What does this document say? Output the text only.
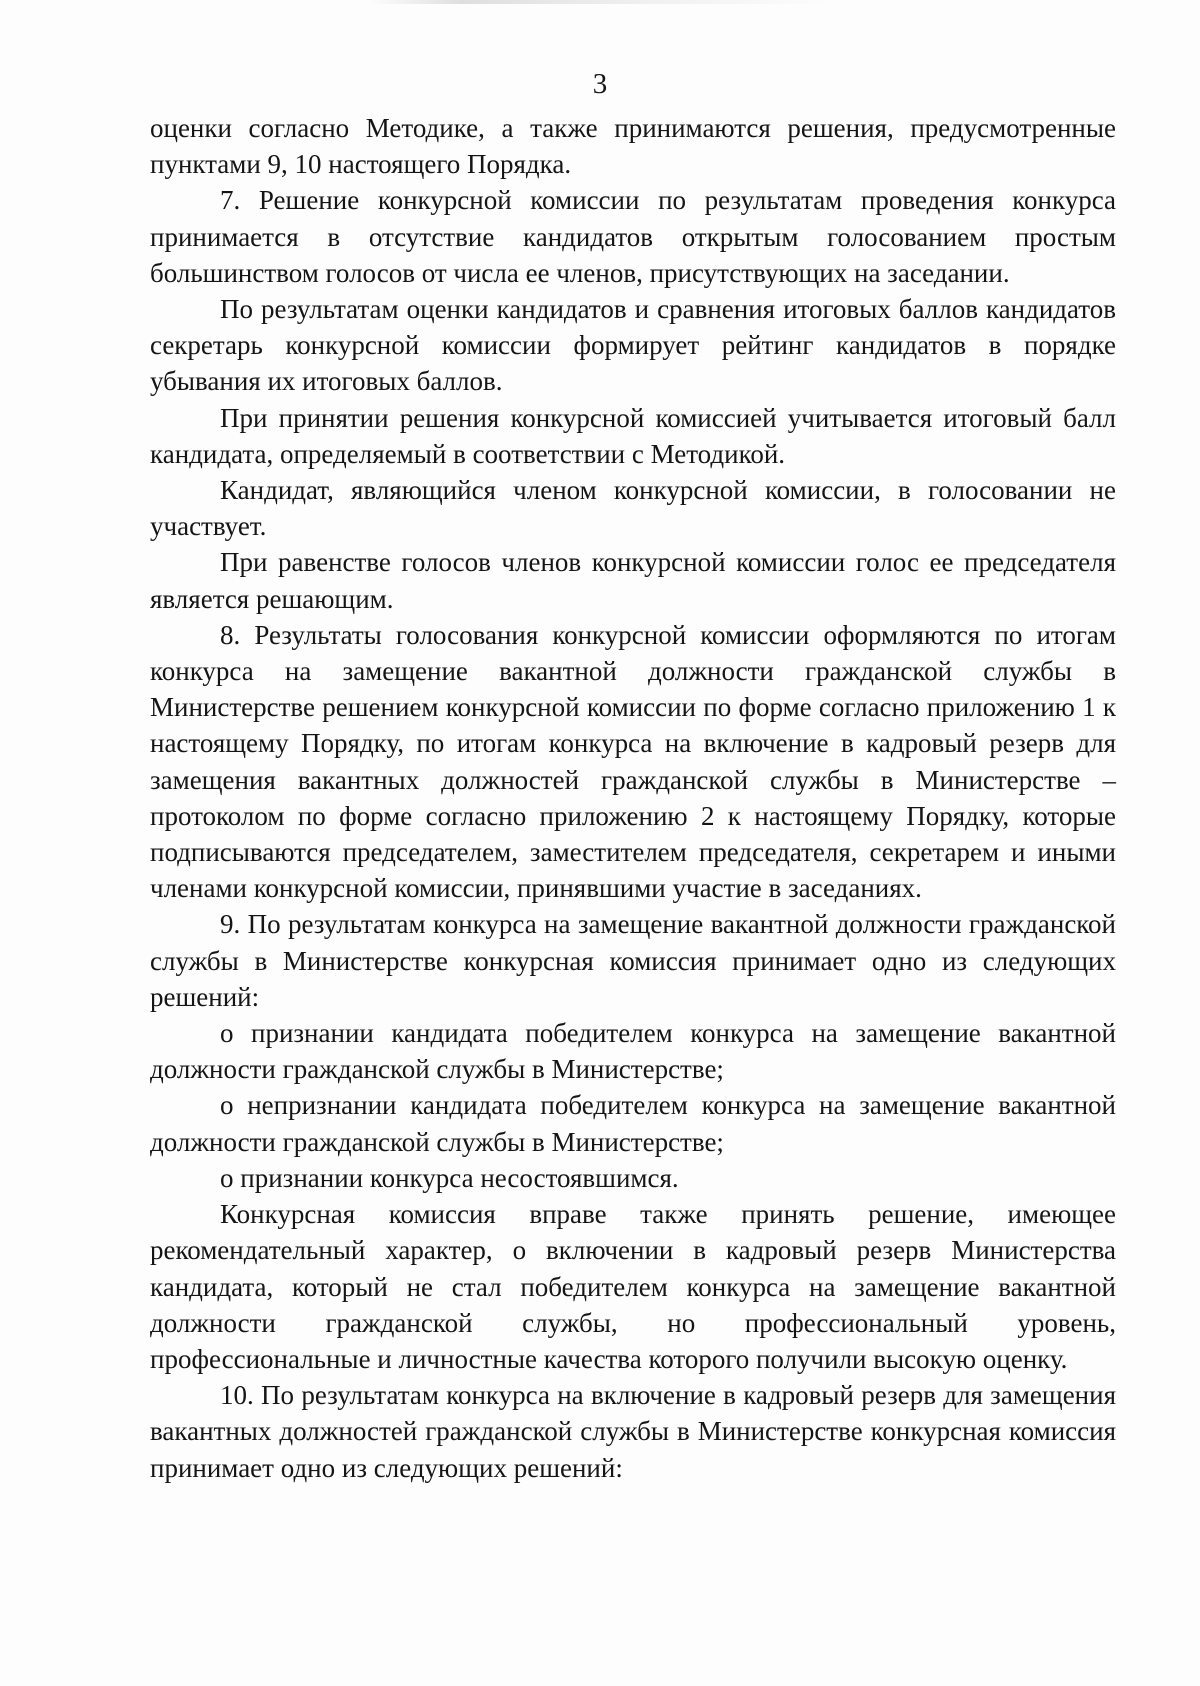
3

оценки согласно Методике, а также принимаются решения, предусмотренные пунктами 9, 10 настоящего Порядка.

7. Решение конкурсной комиссии по результатам проведения конкурса принимается в отсутствие кандидатов открытым голосованием простым большинством голосов от числа ее членов, присутствующих на заседании.

По результатам оценки кандидатов и сравнения итоговых баллов кандидатов секретарь конкурсной комиссии формирует рейтинг кандидатов в порядке убывания их итоговых баллов.

При принятии решения конкурсной комиссией учитывается итоговый балл кандидата, определяемый в соответствии с Методикой.

Кандидат, являющийся членом конкурсной комиссии, в голосовании не участвует.

При равенстве голосов членов конкурсной комиссии голос ее председателя является решающим.

8. Результаты голосования конкурсной комиссии оформляются по итогам конкурса на замещение вакантной должности гражданской службы в Министерстве решением конкурсной комиссии по форме согласно приложению 1 к настоящему Порядку, по итогам конкурса на включение в кадровый резерв для замещения вакантных должностей гражданской службы в Министерстве – протоколом по форме согласно приложению 2 к настоящему Порядку, которые подписываются председателем, заместителем председателя, секретарем и иными членами конкурсной комиссии, принявшими участие в заседаниях.

9. По результатам конкурса на замещение вакантной должности гражданской службы в Министерстве конкурсная комиссия принимает одно из следующих решений:

о признании кандидата победителем конкурса на замещение вакантной должности гражданской службы в Министерстве;

о непризнании кандидата победителем конкурса на замещение вакантной должности гражданской службы в Министерстве;

о признании конкурса несостоявшимся.

Конкурсная комиссия вправе также принять решение, имеющее рекомендательный характер, о включении в кадровый резерв Министерства кандидата, который не стал победителем конкурса на замещение вакантной должности гражданской службы, но профессиональный уровень, профессиональные и личностные качества которого получили высокую оценку.

10. По результатам конкурса на включение в кадровый резерв для замещения вакантных должностей гражданской службы в Министерстве конкурсная комиссия принимает одно из следующих решений:
